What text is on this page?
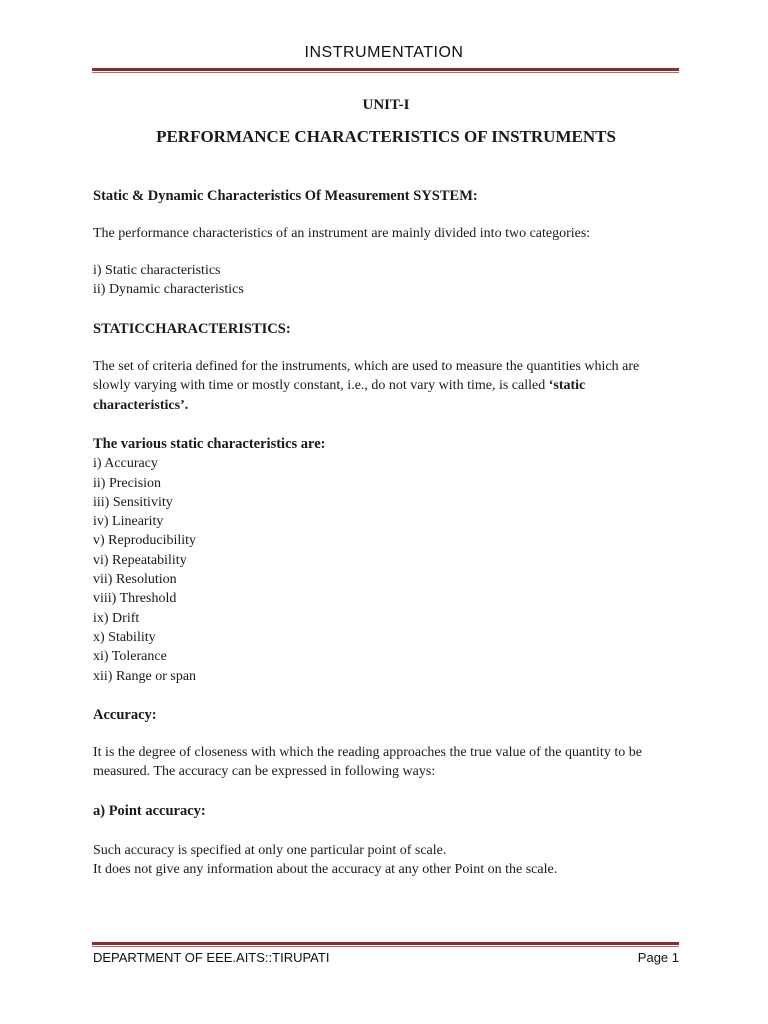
INSTRUMENTATION

UNIT-I

PERFORMANCE CHARACTERISTICS OF INSTRUMENTS

Static & Dynamic Characteristics Of Measurement SYSTEM:

The performance characteristics of an instrument are mainly divided into two categories:

i) Static characteristics
ii) Dynamic characteristics

STATICCHARACTERISTICS:

The set of criteria defined for the instruments, which are used to measure the quantities which are slowly varying with time or mostly constant, i.e., do not vary with time, is called ‘static characteristics’.

The various static characteristics are:

i) Accuracy
ii) Precision
iii) Sensitivity
iv) Linearity
v) Reproducibility
vi) Repeatability
vii) Resolution
viii) Threshold
ix) Drift
x) Stability
xi) Tolerance
xii) Range or span

Accuracy:

It is the degree of closeness with which the reading approaches the true value of the quantity to be measured. The accuracy can be expressed in following ways:

a) Point accuracy:

Such accuracy is specified at only one particular point of scale.

It does not give any information about the accuracy at any other Point on the scale.

DEPARTMENT OF EEE.AITS::TIRUPATI	Page 1
